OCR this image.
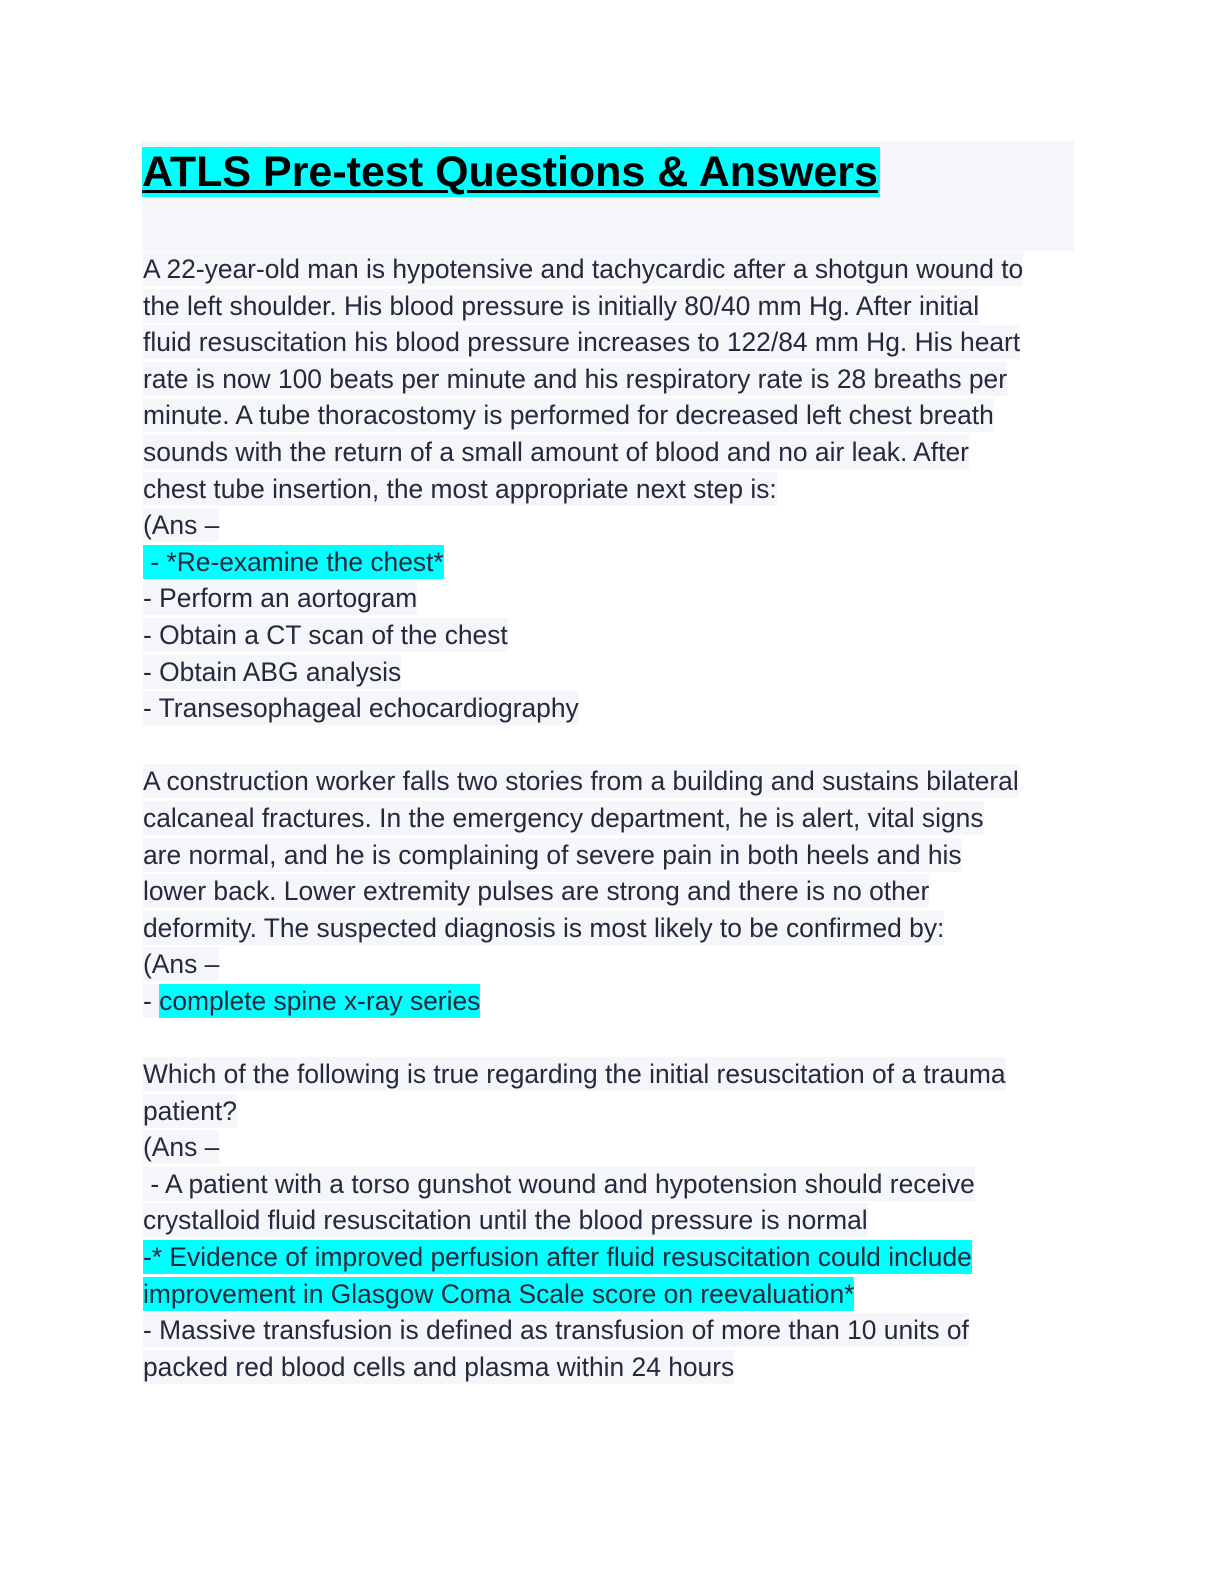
ATLS Pre-test Questions & Answers
A 22-year-old man is hypotensive and tachycardic after a shotgun wound to
the left shoulder. His blood pressure is initially 80/40 mm Hg. After initial
fluid resuscitation his blood pressure increases to 122/84 mm Hg. His heart
rate is now 100 beats per minute and his respiratory rate is 28 breaths per
minute. A tube thoracostomy is performed for decreased left chest breath
sounds with the return of a small amount of blood and no air leak. After
chest tube insertion, the most appropriate next step is:
(Ans –
- *Re-examine the chest*
- Perform an aortogram
- Obtain a CT scan of the chest
- Obtain ABG analysis
- Transesophageal echocardiography
A construction worker falls two stories from a building and sustains bilateral
calcaneal fractures. In the emergency department, he is alert, vital signs
are normal, and he is complaining of severe pain in both heels and his
lower back. Lower extremity pulses are strong and there is no other
deformity. The suspected diagnosis is most likely to be confirmed by:
(Ans –
- complete spine x-ray series
Which of the following is true regarding the initial resuscitation of a trauma
patient?
(Ans –
- A patient with a torso gunshot wound and hypotension should receive
crystalloid fluid resuscitation until the blood pressure is normal
-* Evidence of improved perfusion after fluid resuscitation could include
improvement in Glasgow Coma Scale score on reevaluation*
- Massive transfusion is defined as transfusion of more than 10 units of
packed red blood cells and plasma within 24 hours
